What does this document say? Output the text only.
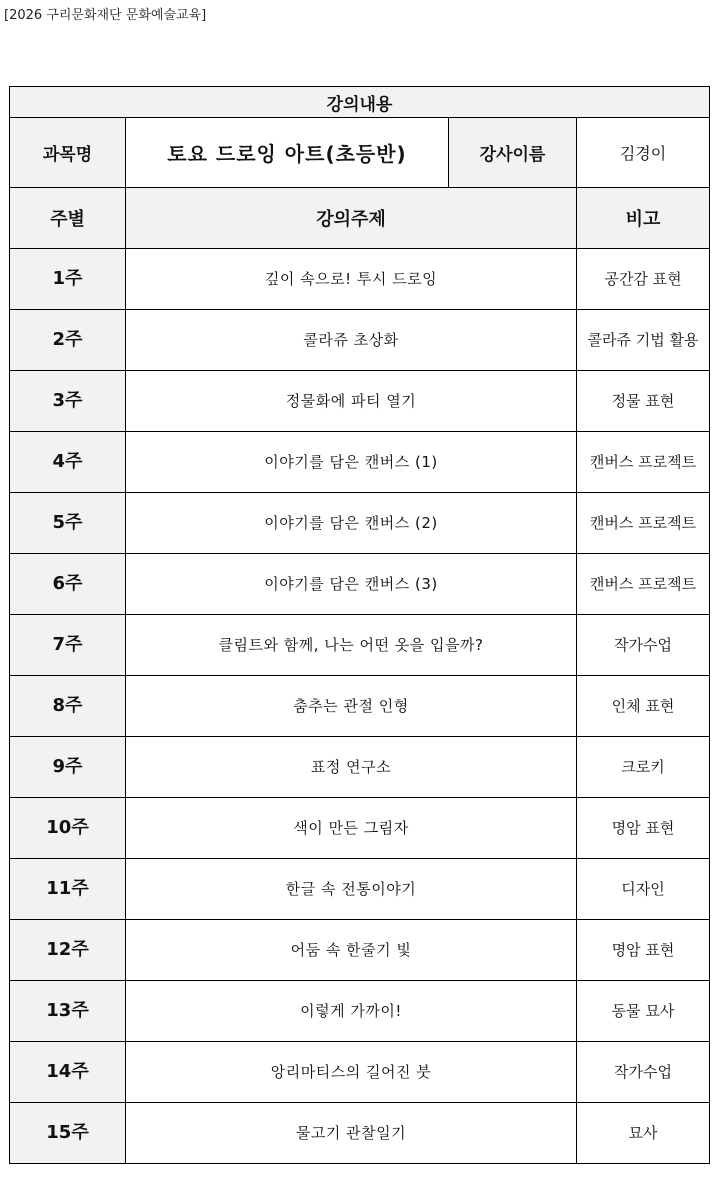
[2026 구리문화재단 문화예술교육]
강의내용			
과목명	토요 드로잉 아트(초등반)	강사이름	김경이
주별	강의주제		비고
1주	깊이 속으로! 투시 드로잉		공간감 표현
2주	콜라쥬 초상화		콜라쥬 기법 활용
3주	정물화에 파티 열기		정물 표현
4주	이야기를 담은 캔버스 (1)		캔버스 프로젝트
5주	이야기를 담은 캔버스 (2)		캔버스 프로젝트
6주	이야기를 담은 캔버스 (3)		캔버스 프로젝트
7주	클림트와 함께, 나는 어떤 옷을 입을까?		작가수업
8주	춤추는 관절 인형		인체 표현
9주	표정 연구소		크로키
10주	색이 만든 그림자		명암 표현
11주	한글 속 전통이야기		디자인
12주	어둠 속 한줄기 빛		명암 표현
13주	이렇게 가까이!		동물 묘사
14주	앙리마티스의 길어진 붓		작가수업
15주	물고기 관찰일기		묘사
